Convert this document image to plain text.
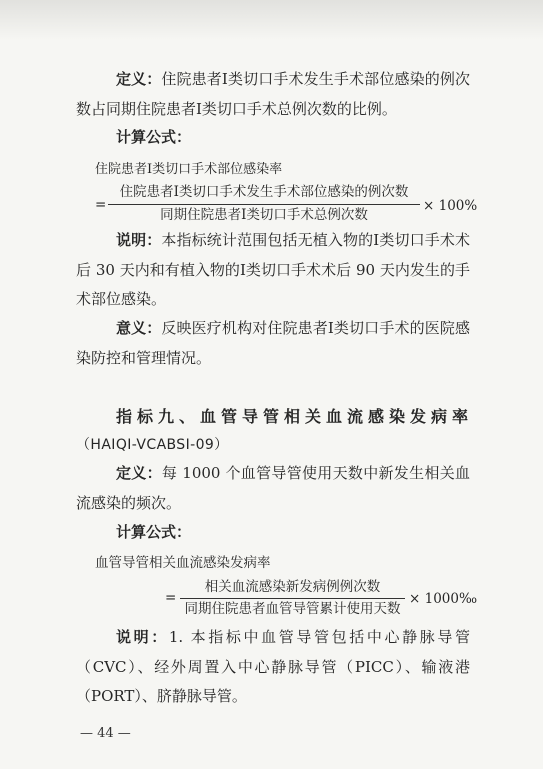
定义：住院患者Ⅰ类切口手术发生手术部位感染的例次数占同期住院患者Ⅰ类切口手术总例次数的比例。
计算公式：
住院患者Ⅰ类切口手术部位感染率
=
住院患者Ⅰ类切口手术发生手术部位感染的例次数
同期住院患者Ⅰ类切口手术总例次数
× 100%
说明：本指标统计范围包括无植入物的Ⅰ类切口手术术后 30 天内和有植入物的Ⅰ类切口手术术后 90 天内发生的手术部位感染。
意义：反映医疗机构对住院患者Ⅰ类切口手术的医院感染防控和管理情况。
指标九、血管导管相关血流感染发病率
（HAIQI-VCABSI-09）
定义：每 1000 个血管导管使用天数中新发生相关血流感染的频次。
计算公式：
血管导管相关血流感染发病率
=
相关血流感染新发病例例次数
同期住院患者血管导管累计使用天数
× 1000‰
说明：1. 本指标中血管导管包括中心静脉导管（CVC）、经外周置入中心静脉导管（PICC）、输液港（PORT）、脐静脉导管。
— 44 —
